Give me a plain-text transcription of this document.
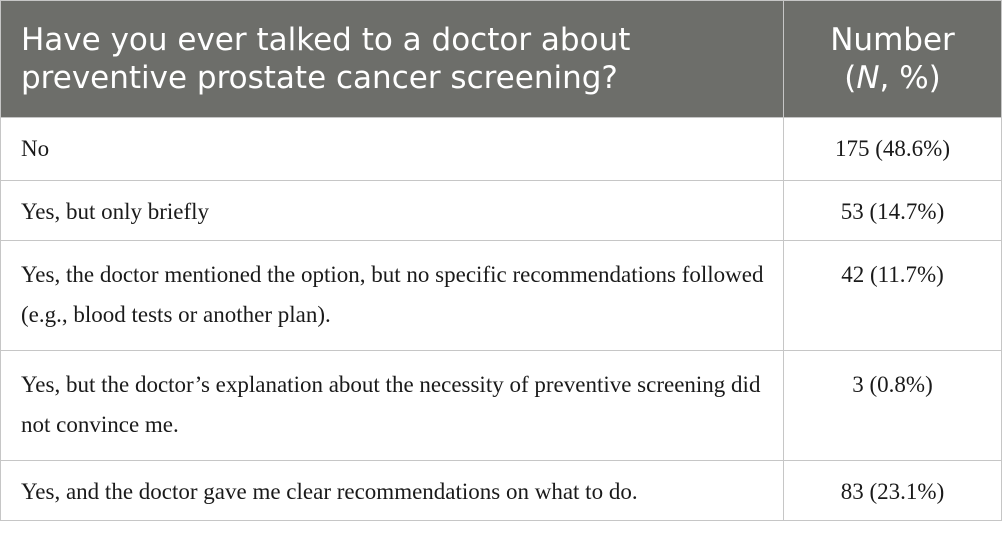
Have you ever talked to a doctor about preventive prostate cancer screening?	Number
(N, %)
No	175 (48.6%)
Yes, but only briefly	53 (14.7%)
Yes, the doctor mentioned the option, but no specific recommendations followed (e.g., blood tests or another plan).	42 (11.7%)
Yes, but the doctor’s explanation about the necessity of preventive screening did not convince me.	3 (0.8%)
Yes, and the doctor gave me clear recommendations on what to do.	83 (23.1%)
